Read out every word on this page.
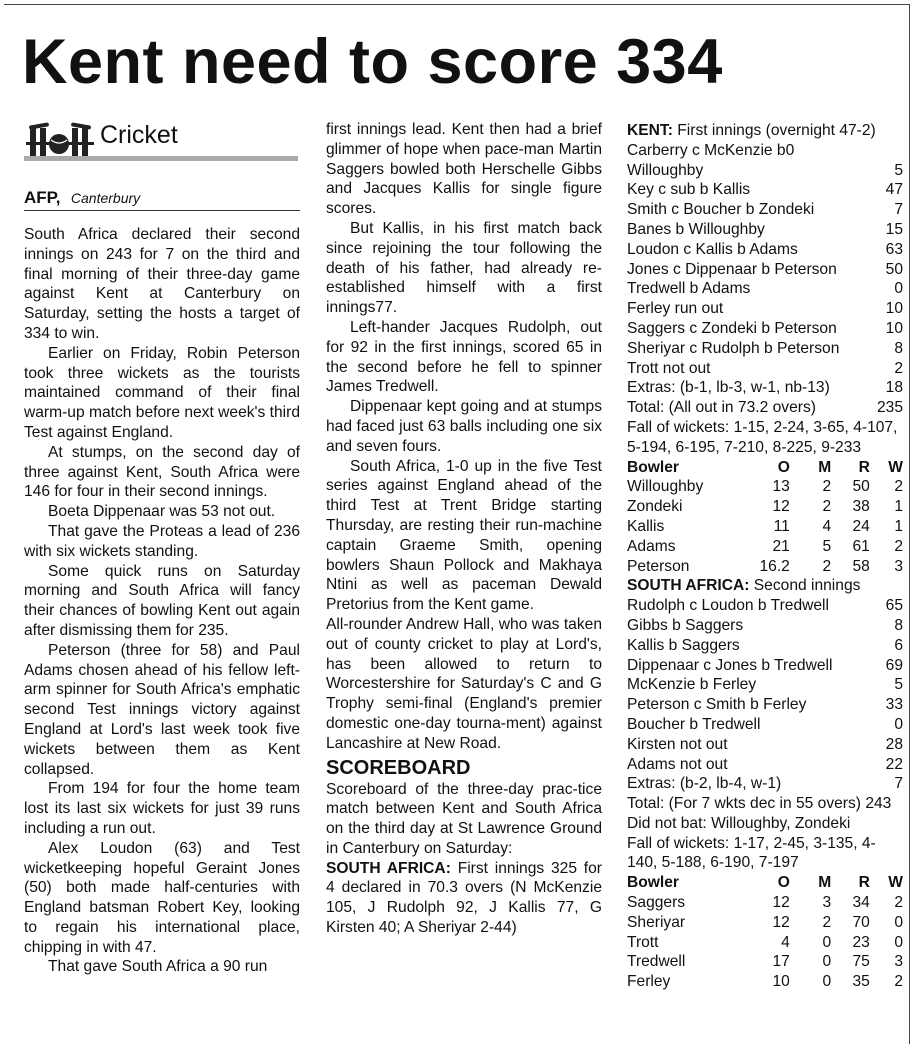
Kent need to score 334
Cricket
AFP, Canterbury

South Africa declared their second innings on 243 for 7 on the third and final morning of their three-day game against Kent at Canterbury on Saturday, setting the hosts a target of 334 to win.

Earlier on Friday, Robin Peterson took three wickets as the tourists maintained command of their final warm-up match before next week's third Test against England.

At stumps, on the second day of three against Kent, South Africa were 146 for four in their second innings.

Boeta Dippenaar was 53 not out.

That gave the Proteas a lead of 236 with six wickets standing.

Some quick runs on Saturday morning and South Africa will fancy their chances of bowling Kent out again after dismissing them for 235.

Peterson (three for 58) and Paul Adams chosen ahead of his fellow left-arm spinner for South Africa's emphatic second Test innings victory against England at Lord's last week took five wickets between them as Kent collapsed.

From 194 for four the home team lost its last six wickets for just 39 runs including a run out.

Alex Loudon (63) and Test wicketkeeping hopeful Geraint Jones (50) both made half-centuries with England batsman Robert Key, looking to regain his international place, chipping in with 47.

That gave South Africa a 90 run

first innings lead. Kent then had a brief glimmer of hope when pace-man Martin Saggers bowled both Herschelle Gibbs and Jacques Kallis for single figure scores.

But Kallis, in his first match back since rejoining the tour following the death of his father, had already re-established himself with a first innings77.

Left-hander Jacques Rudolph, out for 92 in the first innings, scored 65 in the second before he fell to spinner James Tredwell.

Dippenaar kept going and at stumps had faced just 63 balls including one six and seven fours.

South Africa, 1-0 up in the five Test series against England ahead of the third Test at Trent Bridge starting Thursday, are resting their run-machine captain Graeme Smith, opening bowlers Shaun Pollock and Makhaya Ntini as well as paceman Dewald Pretorius from the Kent game.

All-rounder Andrew Hall, who was taken out of county cricket to play at Lord's, has been allowed to return to Worcestershire for Saturday's C and G Trophy semi-final (England's premier domestic one-day tourna-ment) against Lancashire at New Road.

SCOREBOARD

Scoreboard of the three-day prac-tice match between Kent and South Africa on the third day at St Lawrence Ground in Canterbury on Saturday:

SOUTH AFRICA: First innings 325 for 4 declared in 70.3 overs (N McKenzie 105, J Rudolph 92, J Kallis 77, G Kirsten 40; A Sheriyar 2-44)

KENT: First innings (overnight 47-2)
Carberry c McKenzie b0
Willoughby	5
Key c sub b Kallis	47
Smith c Boucher b Zondeki	7
Banes b Willoughby	15
Loudon c Kallis b Adams	63
Jones c Dippenaar b Peterson	50
Tredwell b Adams	0
Ferley run out	10
Saggers c Zondeki b Peterson	10
Sheriyar c Rudolph b Peterson	8
Trott not out	2
Extras: (b-1, lb-3, w-1, nb-13)	18
Total: (All out in 73.2 overs)	235
Fall of wickets: 1-15, 2-24, 3-65, 4-107, 5-194, 6-195, 7-210, 8-225, 9-233
Bowler	O	M	R	W
Willoughby	13	2	50	2
Zondeki	12	2	38	1
Kallis	11	4	24	1
Adams	21	5	61	2
Peterson	16.2	2	58	3
SOUTH AFRICA: Second innings
Rudolph c Loudon b Tredwell	65
Gibbs b Saggers	8
Kallis b Saggers	6
Dippenaar c Jones b Tredwell	69
McKenzie b Ferley	5
Peterson c Smith b Ferley	33
Boucher b Tredwell	0
Kirsten not out	28
Adams not out	22
Extras: (b-2, lb-4, w-1)	7
Total: (For 7 wkts dec in 55 overs) 243
Did not bat: Willoughby, Zondeki
Fall of wickets: 1-17, 2-45, 3-135, 4-140, 5-188, 6-190, 7-197
Bowler	O	M	R	W
Saggers	12	3	34	2
Sheriyar	12	2	70	0
Trott	4	0	23	0
Tredwell	17	0	75	3
Ferley	10	0	35	2
